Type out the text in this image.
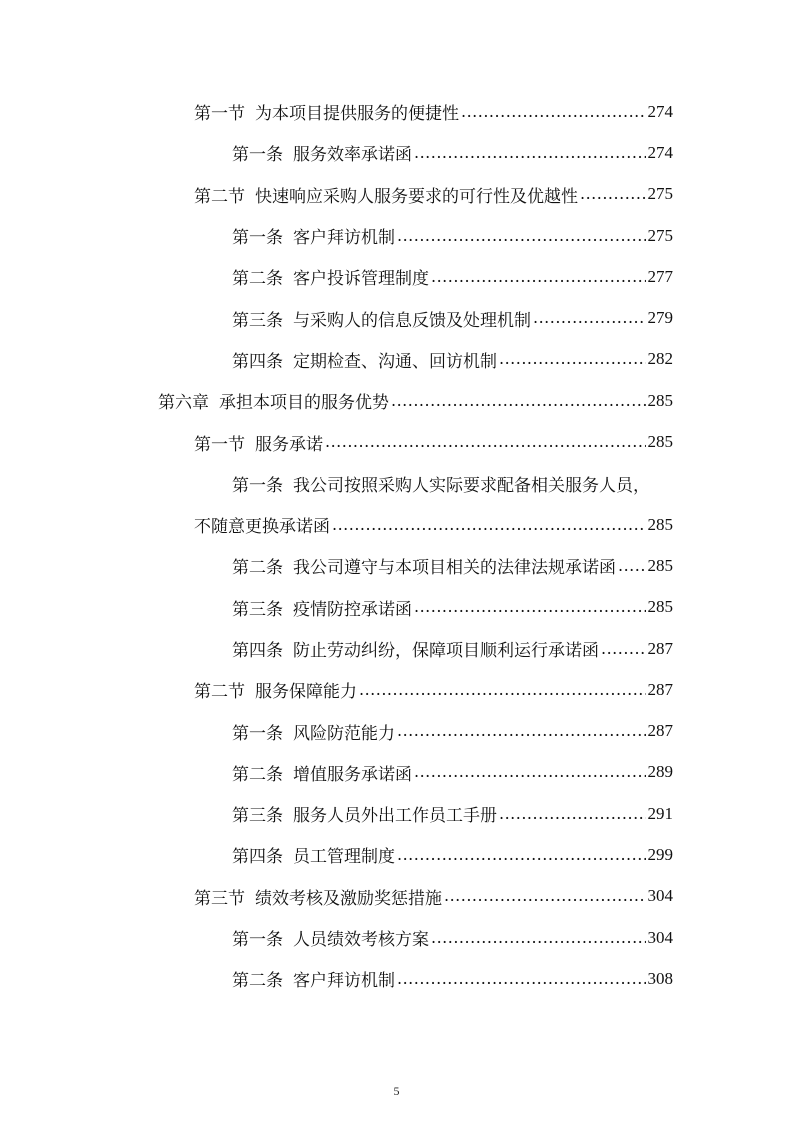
第一节 为本项目提供服务的便捷性 .....	274
第一条 服务效率承诺函 .....	274
第二节 快速响应采购人服务要求的可行性及优越性 .....	275
第一条 客户拜访机制 .....	275
第二条 客户投诉管理制度 .....	277
第三条 与采购人的信息反馈及处理机制 .....	279
第四条 定期检查、沟通、回访机制 .....	282
第六章 承担本项目的服务优势 .....	285
第一节 服务承诺 .....	285
第一条 我公司按照采购人实际要求配备相关服务人员，
不随意更换承诺函 .....	285
第二条 我公司遵守与本项目相关的法律法规承诺函 ..... 285
第三条 疫情防控承诺函 .....	285
第四条 防止劳动纠纷，保障项目顺利运行承诺函 .....	287
第二节 服务保障能力 .....	287
第一条 风险防范能力 .....	287
第二条 增值服务承诺函 .....	289
第三条 服务人员外出工作员工手册 .....	291
第四条 员工管理制度 .....	299
第三节 绩效考核及激励奖惩措施 .....	304
第一条 人员绩效考核方案 .....	304
第二条 客户拜访机制 .....	308
5
